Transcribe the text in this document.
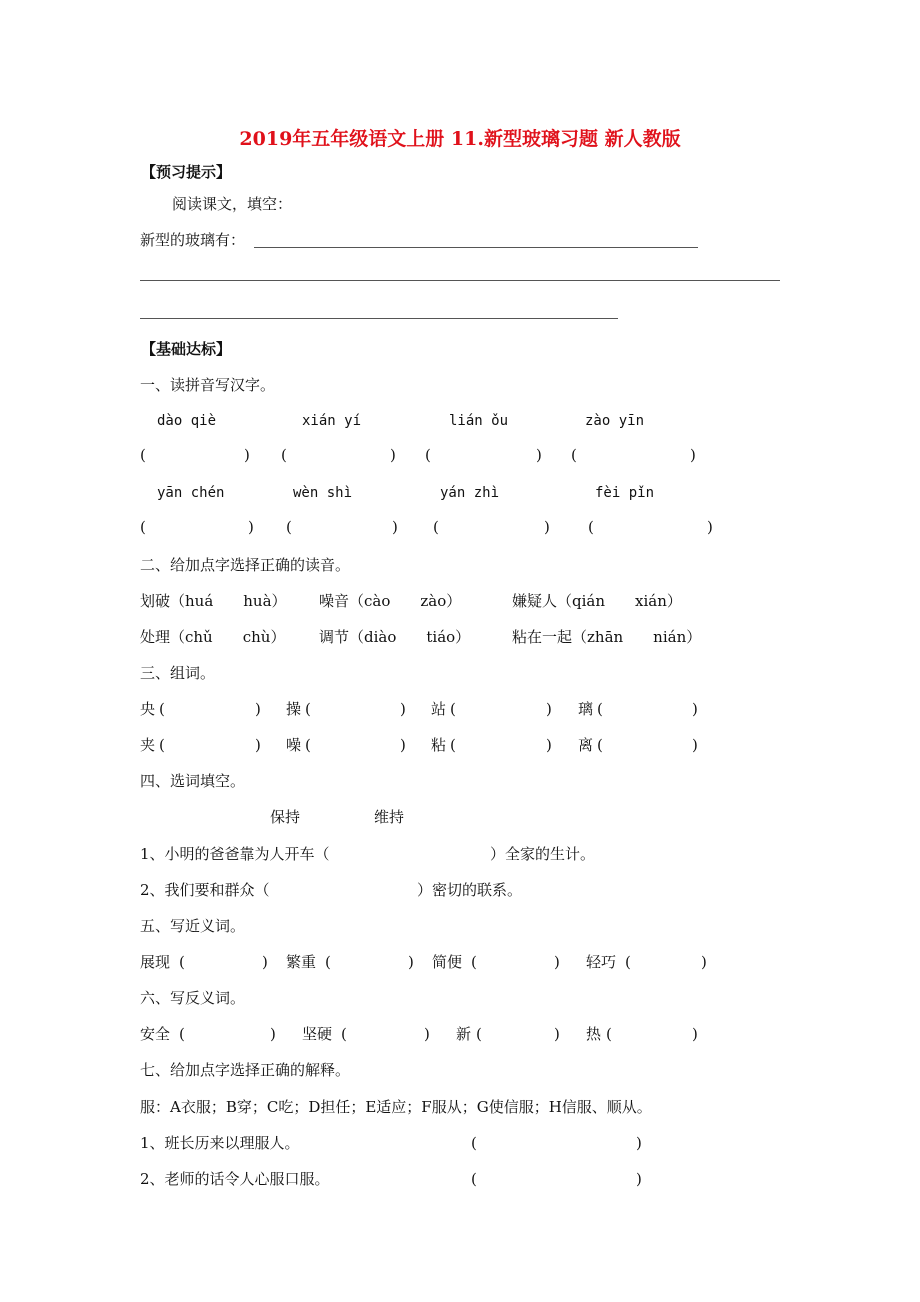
2019年五年级语文上册 11.新型玻璃习题 新人教版
【预习提示】
阅读课文，填空：
新型的玻璃有：
【基础达标】
一、读拼音写汉字。
dào qiè	xián yí	lián ǒu	zào yīn
(	) (	) (	) (	)
yān chén	wèn shì	yán zhì	fèi pǐn
(	) (	) (	)	(	)
二、给加点字选择正确的读音。
划破（huá　　huà） 噪音（cào　　zào）	嫌疑人（qián　　xián）
处理（chǔ　　chù） 调节（diào　　tiáo）	粘在一起（zhān　　nián）
三、组词。
央 (	) 操 (	) 站 (	) 璃 (	)
夹 (	) 噪 (	) 粘 (	) 离 (	)
四、选词填空。
保持	维持
1、小明的爸爸靠为人开车（	）全家的生计。
2、我们要和群众（	）密切的联系。
五、写近义词。
展现 (	) 繁重 (	) 简便 (	) 轻巧 (	)
六、写反义词。
安全 (	) 坚硬 (	) 新 (	) 热 (	)
七、给加点字选择正确的解释。
服：A衣服；B穿；C吃；D担任；E适应；F服从；G使信服；H信服、顺从。
1、班长历来以理服人。	(	)
2、老师的话令人心服口服。	(	)
